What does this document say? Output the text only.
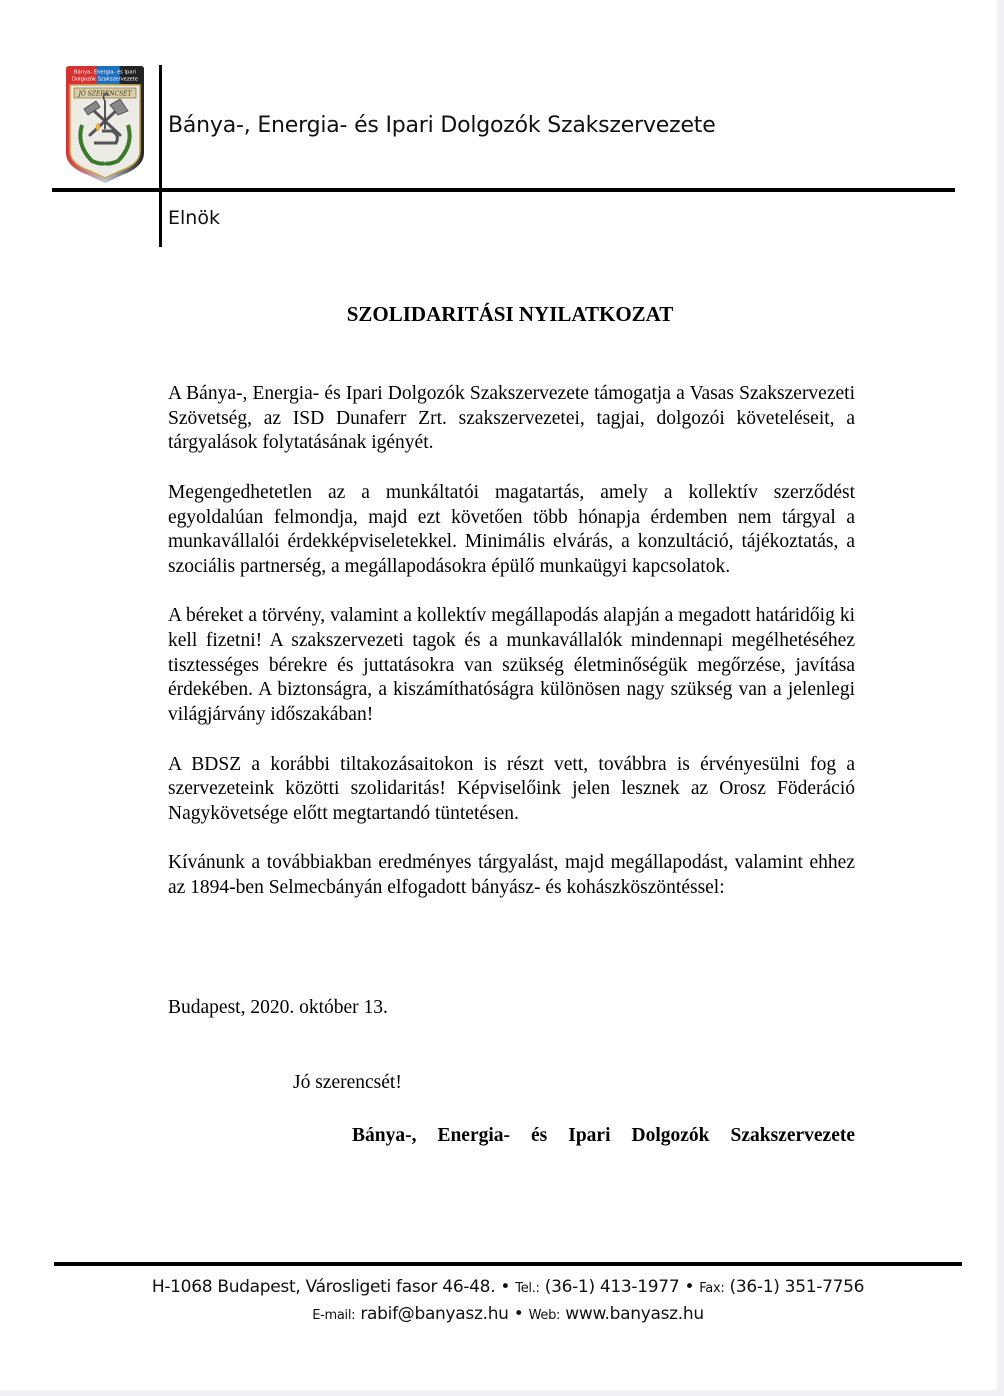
Bánya- Energia- és Ipari
Dolgozók Szakszervezete
JÓ SZERENCSÉT
Bánya-, Energia- és Ipari Dolgozók Szakszervezete
Elnök
SZOLIDARITÁSI NYILATKOZAT

A Bánya-, Energia- és Ipari Dolgozók Szakszervezete támogatja a Vasas Szakszervezeti Szövetség, az ISD Dunaferr Zrt. szakszervezetei, tagjai, dolgozói követeléseit, a tárgyalások folytatásának igényét.

Megengedhetetlen az a munkáltatói magatartás, amely a kollektív szerződést egyoldalúan felmondja, majd ezt követően több hónapja érdemben nem tárgyal a munkavállalói érdekképviseletekkel. Minimális elvárás, a konzultáció, tájékoztatás, a szociális partnerség, a megállapodásokra épülő munkaügyi kapcsolatok.

A béreket a törvény, valamint a kollektív megállapodás alapján a megadott határidőig ki kell fizetni! A szakszervezeti tagok és a munkavállalók mindennapi megélhetéséhez tisztességes bérekre és juttatásokra van szükség életminőségük megőrzése, javítása érdekében. A biztonságra, a kiszámíthatóságra különösen nagy szükség van a jelenlegi világjárvány időszakában!

A BDSZ a korábbi tiltakozásaitokon is részt vett, továbbra is érvényesülni fog a szervezeteink közötti szolidaritás! Képviselőink jelen lesznek az Orosz Föderáció Nagykövetsége előtt megtartandó tüntetésen.

Kívánunk a továbbiakban eredményes tárgyalást, majd megállapodást, valamint ehhez az 1894-ben Selmecbányán elfogadott bányász- és kohászköszöntéssel:

Budapest, 2020. október 13.
Jó szerencsét!
Bánya-, Energia- és Ipari Dolgozók Szakszervezete
H-1068 Budapest, Városligeti fasor 46-48. • Tel.: (36-1) 413-1977 • Fax: (36-1) 351-7756
E-mail: rabif@banyasz.hu • Web: www.banyasz.hu
